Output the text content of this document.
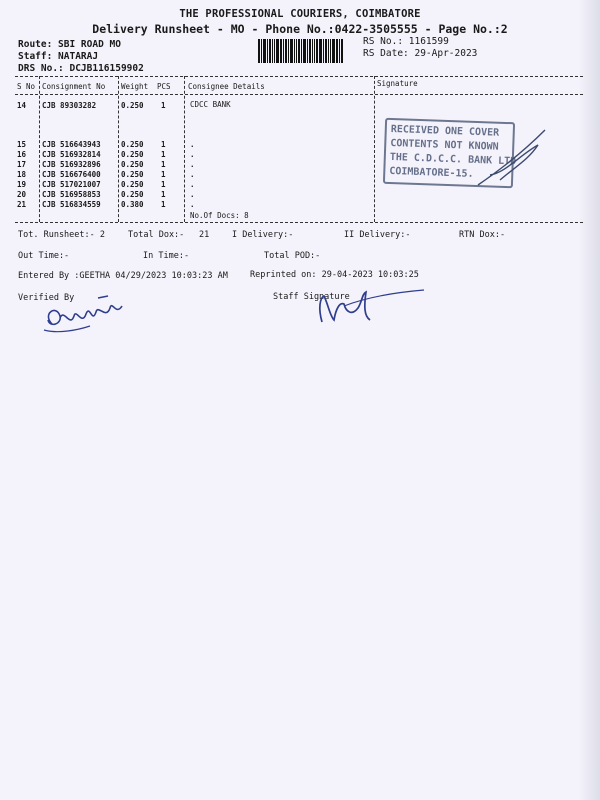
THE PROFESSIONAL COURIERS, COIMBATORE
Delivery Runsheet - MO - Phone No.:0422-3505555 - Page No.:2
Route: SBI ROAD MO
Staff: NATARAJ
DRS No.: DCJB116159902
RS No.: 1161599
RS Date: 29-Apr-2023
S No Consignment No Weight PCS Consignee Details	Signature
14 CJB 89303282	0.250 1	CDCC BANK
15 CJB 516643943	0.250 1	.
16 CJB 516932814	0.250 1	.
17 CJB 516932896	0.250 1	.
18 CJB 516676400	0.250 1	.
19 CJB 517021007	0.250 1	.
20 CJB 516958853	0.250 1	.
21 CJB 516834559	0.380 1	.
No.Of Docs: 8
RECEIVED ONE COVER
CONTENTS NOT KNOWN
THE C.D.C.C. BANK LTD
COIMBATORE-15.
Tot. Runsheet:- 2	Total Dox:- 21	I Delivery:-	II Delivery:-	RTN Dox:-
Out Time:-	In Time:-	Total POD:-
Entered By :GEETHA 04/29/2023 10:03:23 AM	Reprinted on: 29-04-2023 10:03:25
Verified By	Staff Signature
